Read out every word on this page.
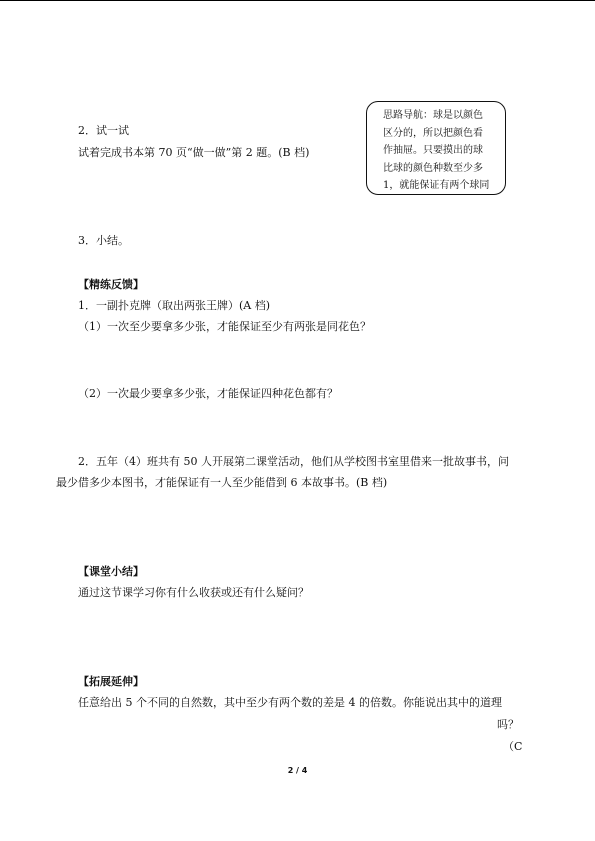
2．试一试
试着完成书本第 70 页“做一做”第 2 题。(B 档)
思路导航：球是以颜色
区分的，所以把颜色看
作抽屉。只要摸出的球
比球的颜色种数至少多
1，就能保证有两个球同
3．小结。
【精练反馈】
1．一副扑克牌（取出两张王牌）(A 档)
（1）一次至少要拿多少张，才能保证至少有两张是同花色？
（2）一次最少要拿多少张，才能保证四种花色都有？
2．五年（4）班共有 50 人开展第二课堂活动，他们从学校图书室里借来一批故事书，问
最少借多少本图书，才能保证有一人至少能借到 6 本故事书。(B 档)
【课堂小结】
通过这节课学习你有什么收获或还有什么疑问？
【拓展延伸】
任意给出 5 个不同的自然数，其中至少有两个数的差是 4 的倍数。你能说出其中的道理
吗？
（C
2 / 4
